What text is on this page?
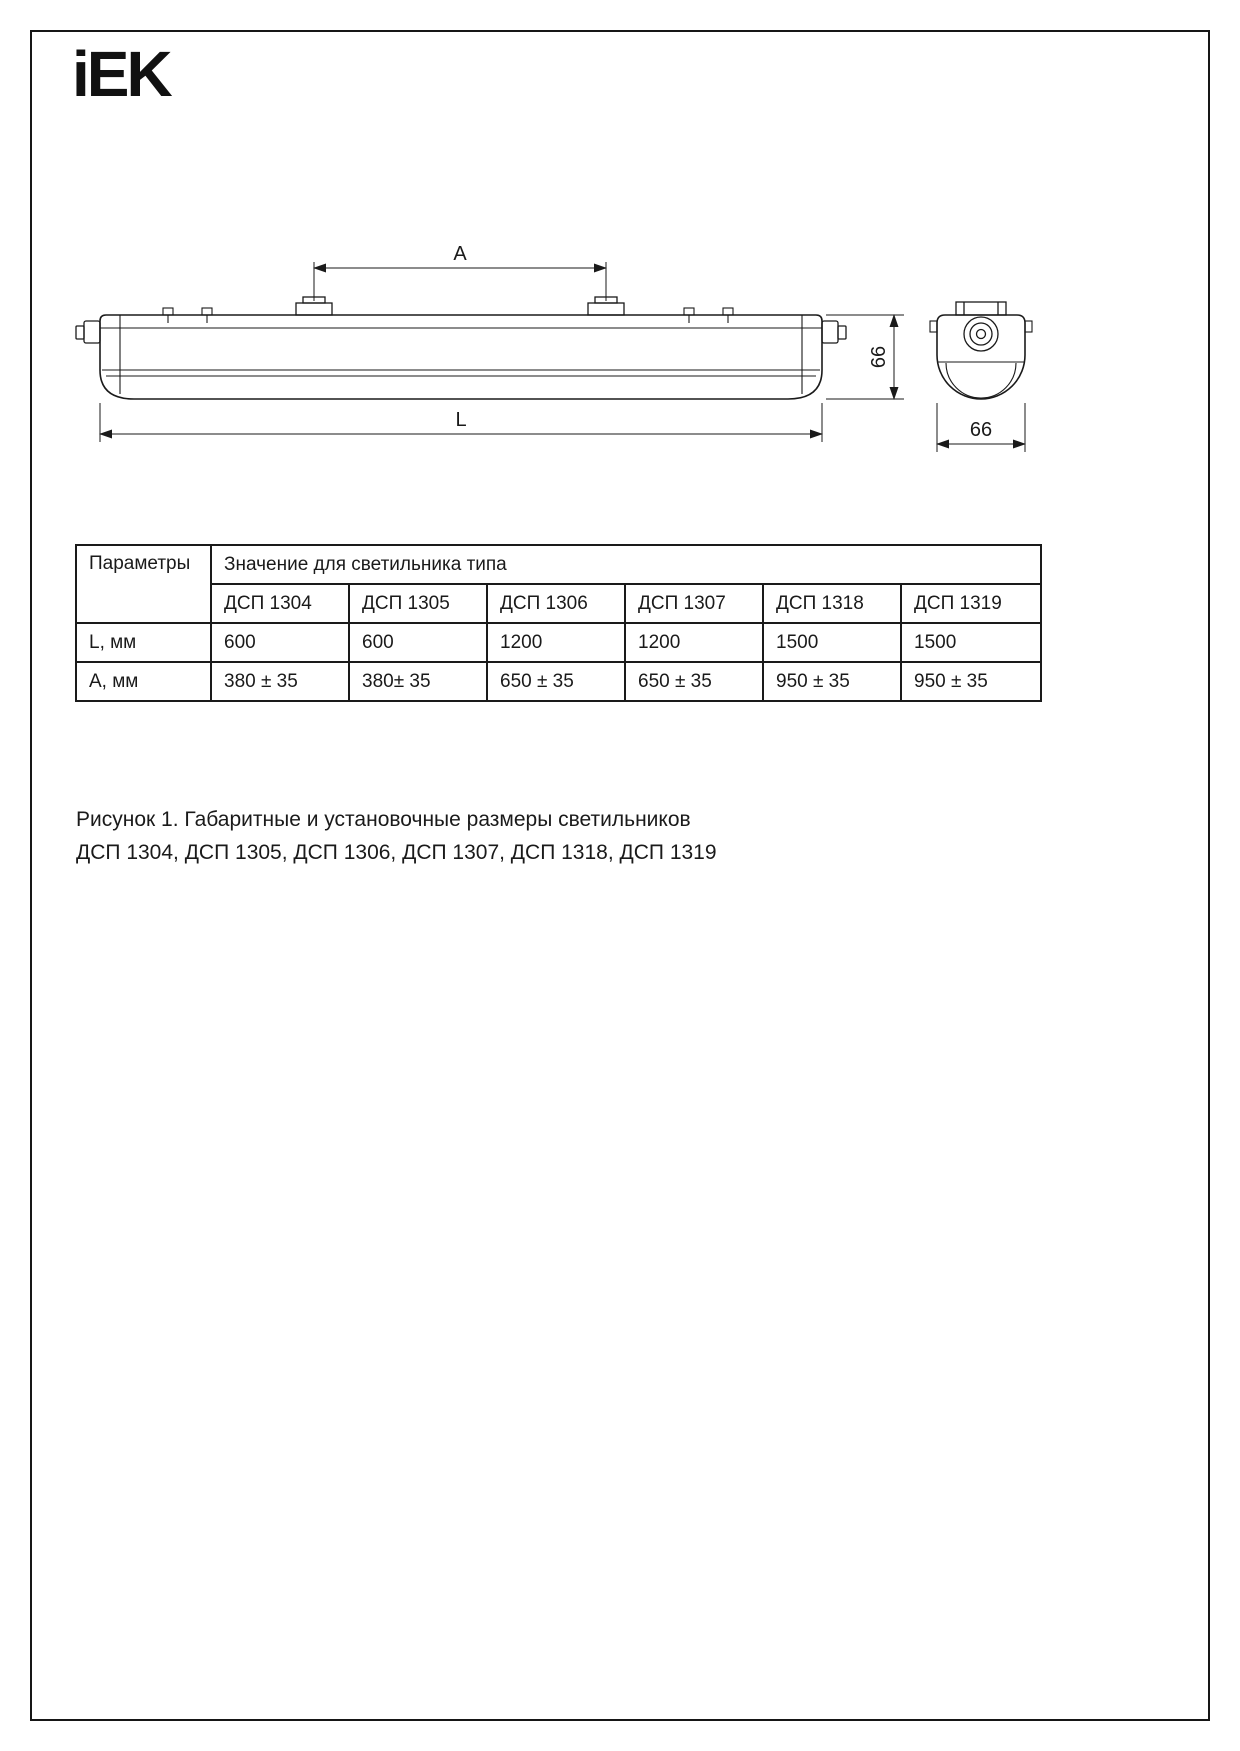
iEK
A
66
L	66
Параметры	Значение для светильника типа					
	ДСП 1304	ДСП 1305	ДСП 1306	ДСП 1307	ДСП 1318	ДСП 1319
L, мм	600	600	1200	1200	1500	1500
А, мм	380 ± 35	380± 35	650 ± 35	650 ± 35	950 ± 35	950 ± 35
Рисунок 1. Габаритные и установочные размеры светильников
ДСП 1304, ДСП 1305, ДСП 1306, ДСП 1307, ДСП 1318, ДСП 1319
